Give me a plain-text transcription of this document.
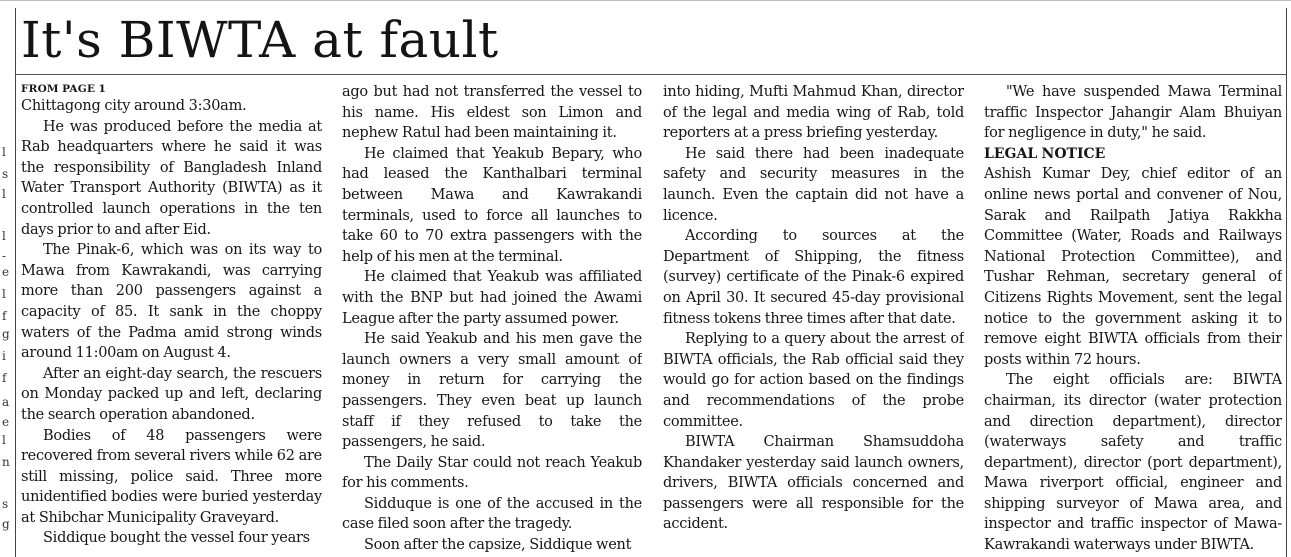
l
s
l
l
-
e
l
f
g
i
f
a
e
l
n
s
g
It's BIWTA at fault

FROM PAGE 1

Chittagong city around 3:30am.

He was produced before the media at Rab headquarters where he said it was the responsibility of Bangladesh Inland Water Transport Authority (BIWTA) as it controlled launch operations in the ten days prior to and after Eid.

The Pinak-6, which was on its way to Mawa from Kawrakandi, was carrying more than 200 passengers against a capacity of 85. It sank in the choppy waters of the Padma amid strong winds around 11:00am on August 4.

After an eight-day search, the rescuers on Monday packed up and left, declaring the search operation abandoned.

Bodies of 48 passengers were recovered from several rivers while 62 are still missing, police said. Three more unidentified bodies were buried yesterday at Shibchar Municipality Graveyard.

Siddique bought the vessel four years

ago but had not transferred the vessel to his name. His eldest son Limon and nephew Ratul had been maintaining it.

He claimed that Yeakub Bepary, who had leased the Kanthalbari terminal between Mawa and Kawrakandi terminals, used to force all launches to take 60 to 70 extra passengers with the help of his men at the terminal.

He claimed that Yeakub was affiliated with the BNP but had joined the Awami League after the party assumed power.

He said Yeakub and his men gave the launch owners a very small amount of money in return for carrying the passengers. They even beat up launch staff if they refused to take the passengers, he said.

The Daily Star could not reach Yeakub for his comments.

Sidduque is one of the accused in the case filed soon after the tragedy.

Soon after the capsize, Siddique went

into hiding, Mufti Mahmud Khan, director of the legal and media wing of Rab, told reporters at a press briefing yesterday.

He said there had been inadequate safety and security measures in the launch. Even the captain did not have a licence.

According to sources at the Department of Shipping, the fitness (survey) certificate of the Pinak-6 expired on April 30. It secured 45-day provisional fitness tokens three times after that date.

Replying to a query about the arrest of BIWTA officials, the Rab official said they would go for action based on the findings and recommendations of the probe committee.

BIWTA Chairman Shamsuddoha Khandaker yesterday said launch owners, drivers, BIWTA officials concerned and passengers were all responsible for the accident.

"We have suspended Mawa Terminal traffic Inspector Jahangir Alam Bhuiyan for negligence in duty," he said.

LEGAL NOTICE

Ashish Kumar Dey, chief editor of an online news portal and convener of Nou, Sarak and Railpath Jatiya Rakkha Committee (Water, Roads and Railways National Protection Committee), and Tushar Rehman, secretary general of Citizens Rights Movement, sent the legal notice to the government asking it to remove eight BIWTA officials from their posts within 72 hours.

The eight officials are: BIWTA chairman, its director (water protection and direction department), director (waterways safety and traffic department), director (port department), Mawa riverport official, engineer and shipping surveyor of Mawa area, and inspector and traffic inspector of Mawa-Kawrakandi waterways under BIWTA.
